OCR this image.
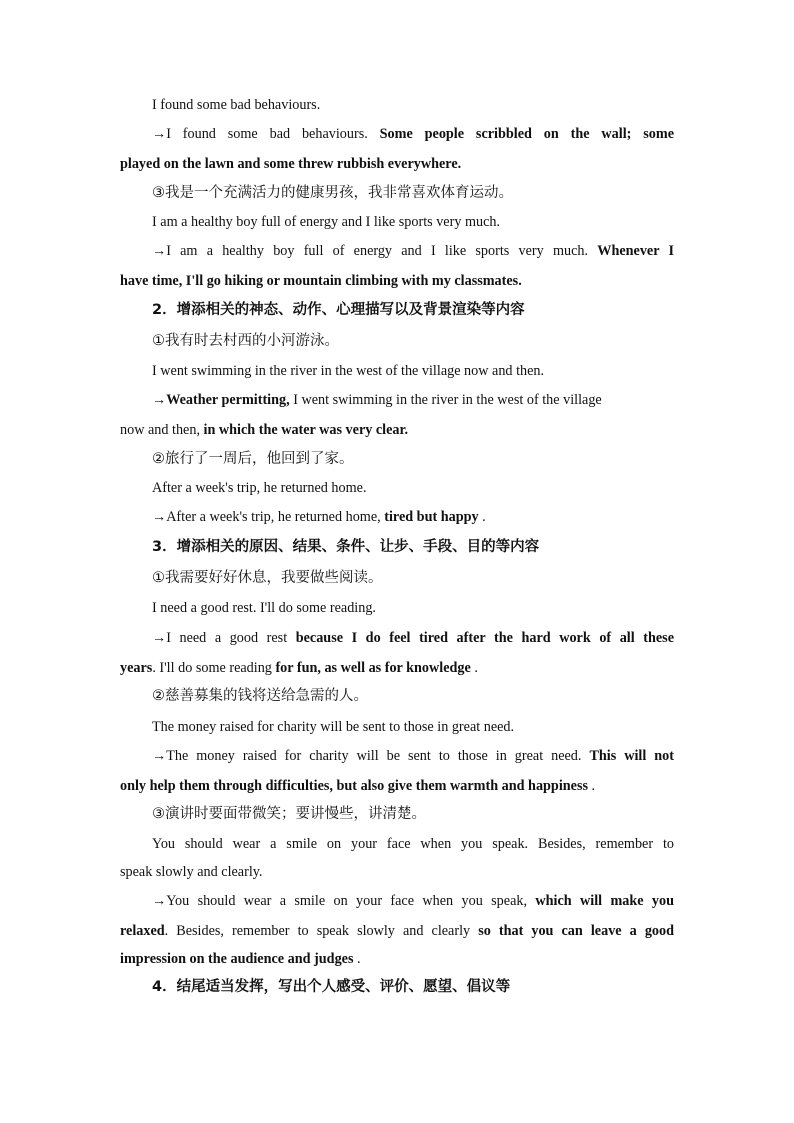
I found some bad behaviours.
→I found some bad behaviours. Some people scribbled on the wall; some
played on the lawn and some threw rubbish everywhere.
③我是一个充满活力的健康男孩，我非常喜欢体育运动。
I am a healthy boy full of energy and I like sports very much.
→I am a healthy boy full of energy and I like sports very much. Whenever I
have time, I'll go hiking or mountain climbing with my classmates.
2．增添相关的神态、动作、心理描写以及背景渲染等内容
①我有时去村西的小河游泳。
I went swimming in the river in the west of the village now and then.
→Weather permitting, I went swimming in the river in the west of the village
now and then, in which the water was very clear.
②旅行了一周后，他回到了家。
After a week's trip, he returned home.
→After a week's trip, he returned home, tired but happy .
3．增添相关的原因、结果、条件、让步、手段、目的等内容
①我需要好好休息，我要做些阅读。
I need a good rest. I'll do some reading.
→I need a good rest because I do feel tired after the hard work of all these
years. I'll do some reading for fun, as well as for knowledge .
②慈善募集的钱将送给急需的人。
The money raised for charity will be sent to those in great need.
→The money raised for charity will be sent to those in great need. This will not
only help them through difficulties, but also give them warmth and happiness .
③演讲时要面带微笑；要讲慢些，讲清楚。
You should wear a smile on your face when you speak. Besides, remember to
speak slowly and clearly.
→You should wear a smile on your face when you speak, which will make you
relaxed. Besides, remember to speak slowly and clearly so that you can leave a good
impression on the audience and judges .
4．结尾适当发挥，写出个人感受、评价、愿望、倡议等
